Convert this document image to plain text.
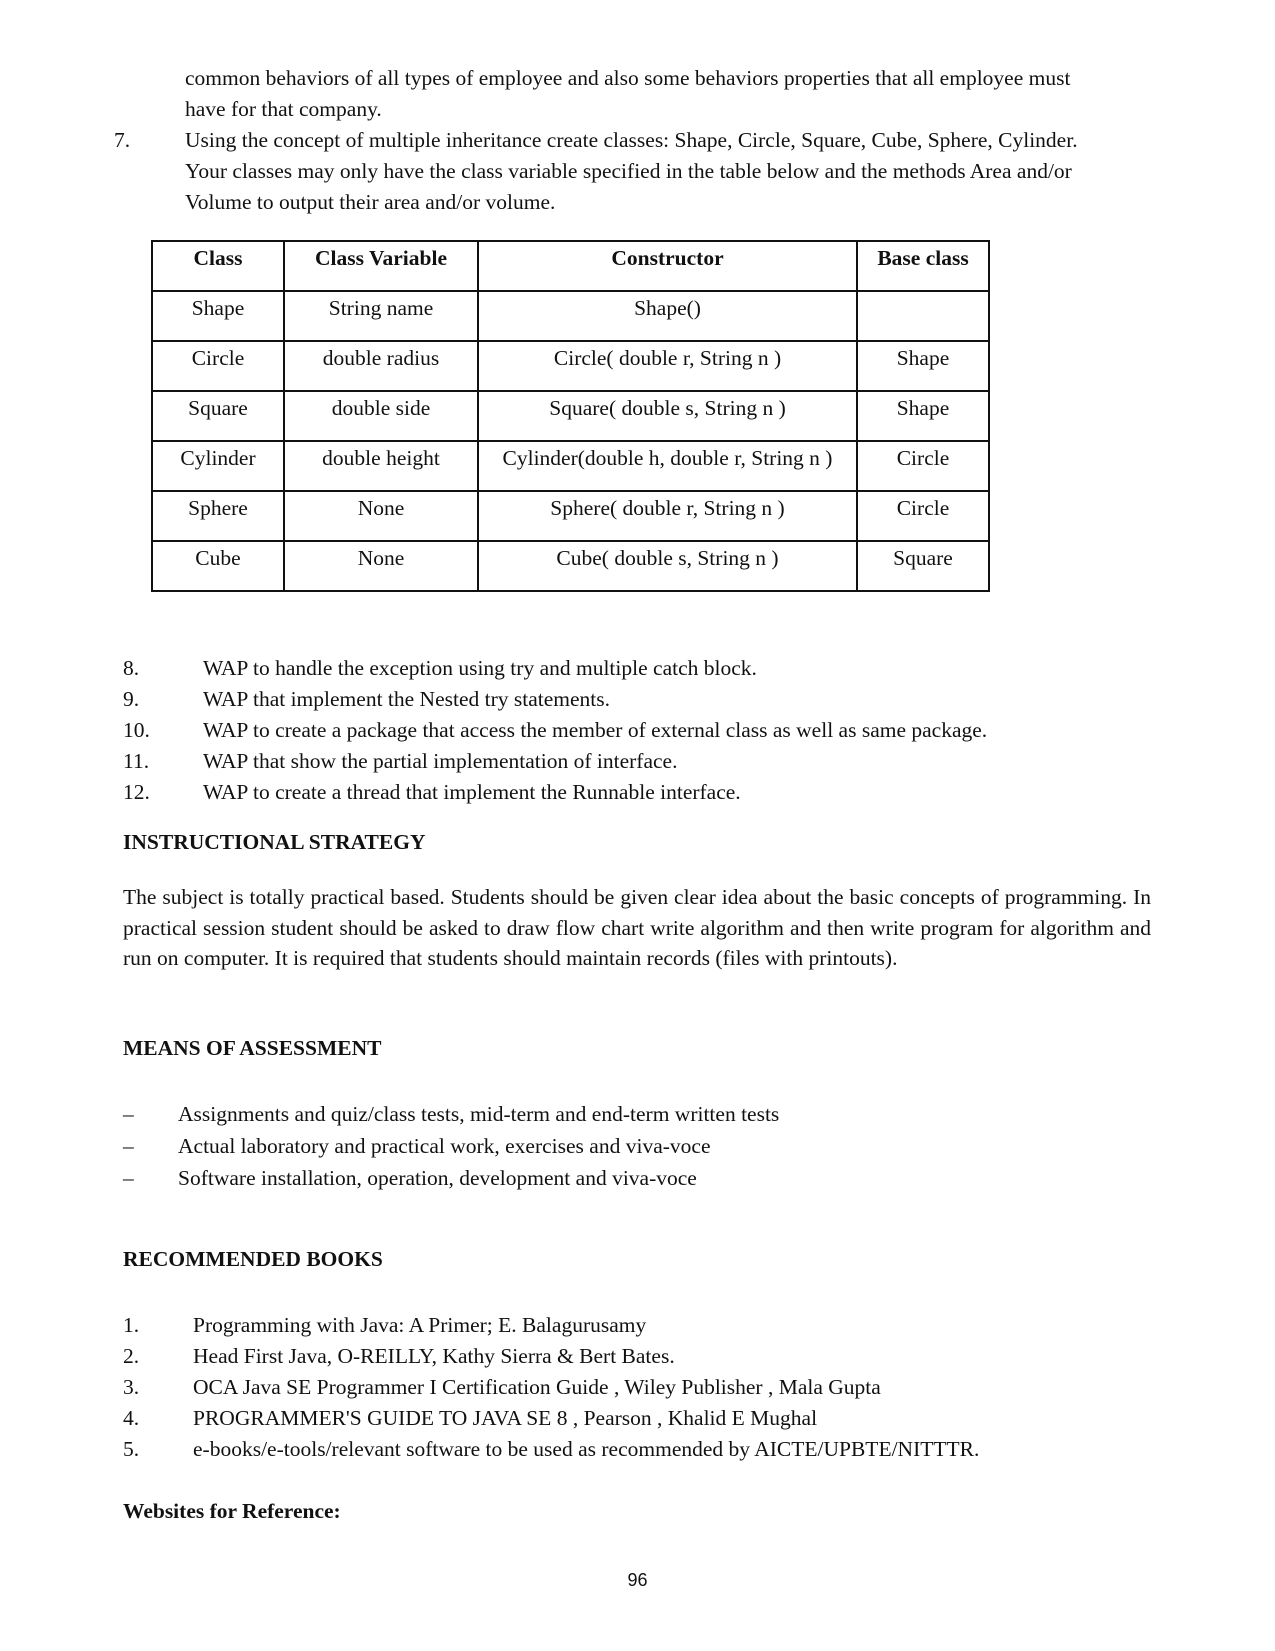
common behaviors of all types of employee and also some behaviors properties that all employee must
have for that company.
7.	Using the concept of multiple inheritance create classes: Shape, Circle, Square, Cube, Sphere, Cylinder.
Your classes may only have the class variable specified in the table below and the methods Area and/or
Volume to output their area and/or volume.
Class	Class Variable	Constructor	Base class
Shape	String name	Shape()	
Circle	double radius	Circle( double r, String n )	Shape
Square	double side	Square( double s, String n )	Shape
Cylinder	double height	Cylinder(double h, double r, String n )	Circle
Sphere	None	Sphere( double r, String n )	Circle
Cube	None	Cube( double s, String n )	Square
8.	WAP to handle the exception using try and multiple catch block.
9.	WAP that implement the Nested try statements.
10. WAP to create a package that access the member of external class as well as same package.
11.	WAP that show the partial implementation of interface.
12. WAP to create a thread that implement the Runnable interface.
INSTRUCTIONAL STRATEGY
The subject is totally practical based. Students should be given clear idea about the basic concepts of programming. In practical session student should be asked to draw flow chart write algorithm and then write program for algorithm and run on computer. It is required that students should maintain records (files with printouts).
MEANS OF ASSESSMENT
– Assignments and quiz/class tests, mid-term and end-term written tests
– Actual laboratory and practical work, exercises and viva-voce
– Software installation, operation, development and viva-voce
RECOMMENDED BOOKS
1.	Programming with Java: A Primer; E. Balagurusamy
2.	Head First Java, O-REILLY, Kathy Sierra & Bert Bates.
3.	OCA Java SE Programmer I Certification Guide , Wiley Publisher , Mala Gupta
4.	PROGRAMMER'S GUIDE TO JAVA SE 8 , Pearson , Khalid E Mughal
5.	e-books/e-tools/relevant software to be used as recommended by AICTE/UPBTE/NITTTR.
Websites for Reference:
96
